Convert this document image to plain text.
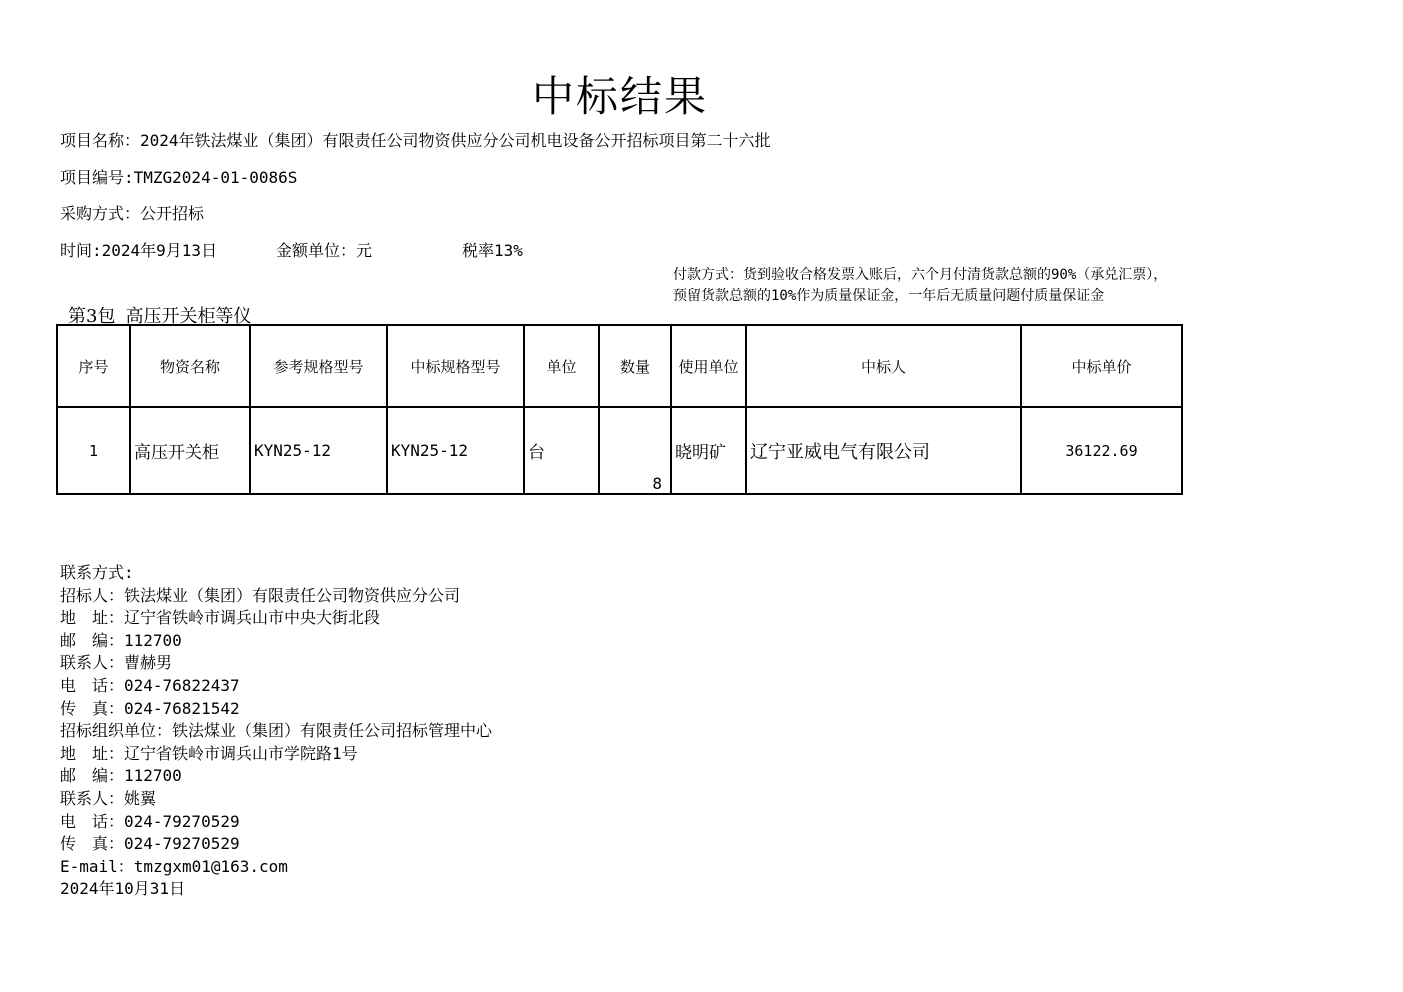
中标结果
项目名称：2024年铁法煤业（集团）有限责任公司物资供应分公司机电设备公开招标项目第二十六批
项目编号:TMZG2024-01-0086S
采购方式：公开招标
时间:2024年9月13日	金额单位：元	税率13%
付款方式：货到验收合格发票入账后，六个月付清货款总额的90%（承兑汇票），预留货款总额的10%作为质量保证金，一年后无质量问题付质量保证金
第3包 高压开关柜等仪
序号	物资名称	参考规格型号	中标规格型号	单位	数量	使用单位	中标人	中标单价
1	高压开关柜	KYN25-12	KYN25-12	台	8	晓明矿	辽宁亚威电气有限公司	36122.69
联系方式:
招标人：铁法煤业（集团）有限责任公司物资供应分公司
地　址：辽宁省铁岭市调兵山市中央大街北段
邮　编：112700
联系人：曹赫男
电　话：024-76822437
传　真：024-76821542
招标组织单位：铁法煤业（集团）有限责任公司招标管理中心
地　址：辽宁省铁岭市调兵山市学院路1号
邮　编：112700
联系人：姚翼
电　话：024-79270529
传　真：024-79270529
E-mail：tmzgxm01@163.com
2024年10月31日
